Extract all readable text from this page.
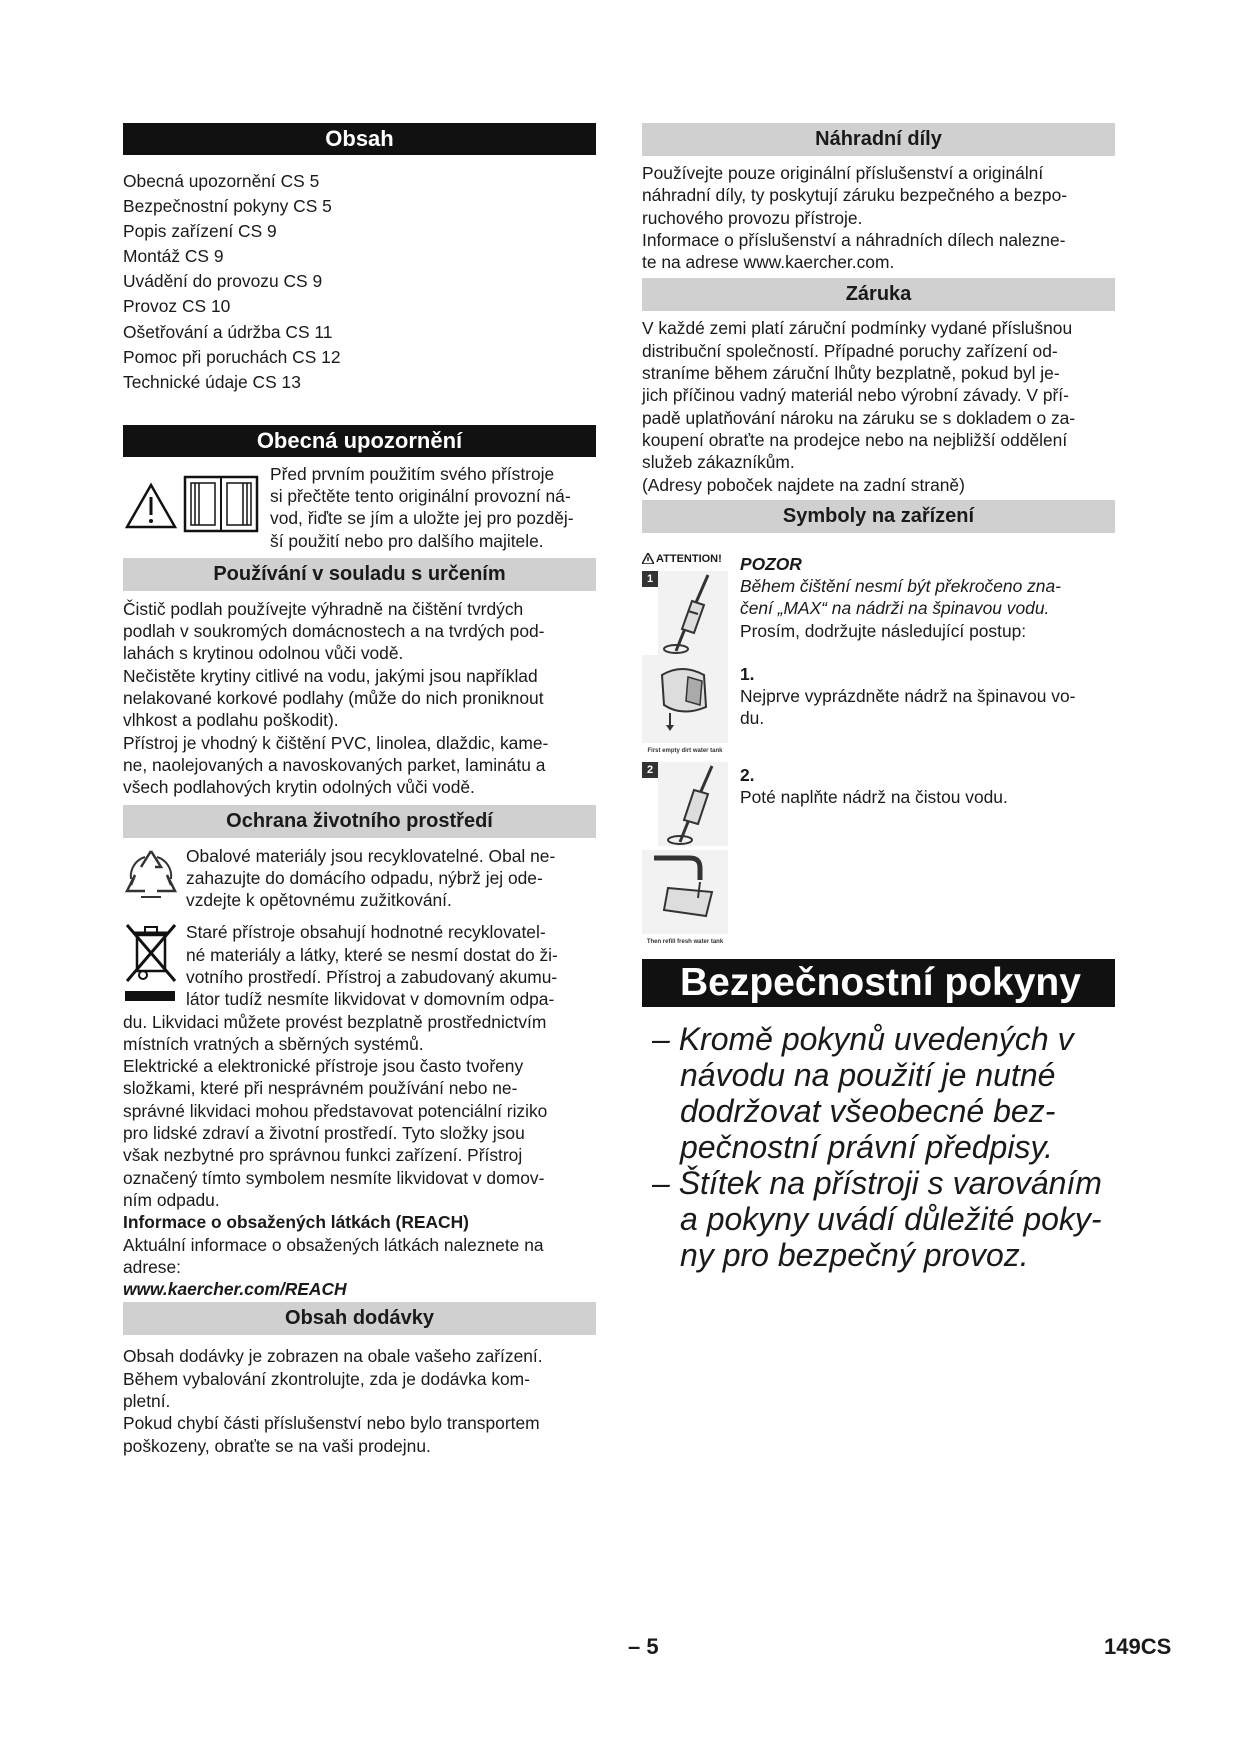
Obsah
Obecná upozornění CS 5
Bezpečnostní pokyny CS 5
Popis zařízení CS 9
Montáž CS 9
Uvádění do provozu CS 9
Provoz CS 10
Ošetřování a údržba CS 11
Pomoc při poruchách CS 12
Technické údaje CS 13
Obecná upozornění

Před prvním použitím svého přístroje

si přečtěte tento originální provozní ná-

vod, řiďte se jím a uložte jej pro pozděj-

ší použití nebo pro dalšího majitele.

Používání v souladu s určením

Čistič podlah používejte výhradně na čištění tvrdých

podlah v soukromých domácnostech a na tvrdých pod-

lahách s krytinou odolnou vůči vodě.

Nečistěte krytiny citlivé na vodu, jakými jsou například

nelakované korkové podlahy (může do nich proniknout

vlhkost a podlahu poškodit).

Přístroj je vhodný k čištění PVC, linolea, dlaždic, kame-

ne, naolejovaných a navoskovaných parket, laminátu a

všech podlahových krytin odolných vůči vodě.

Ochrana životního prostředí

Obalové materiály jsou recyklovatelné. Obal ne-

zahazujte do domácího odpadu, nýbrž jej ode-

vzdejte k opětovnému zužitkování.

Staré přístroje obsahují hodnotné recyklovatel-

né materiály a látky, které se nesmí dostat do ži-

votního prostředí. Přístroj a zabudovaný akumu-

látor tudíž nesmíte likvidovat v domovním odpa-

du. Likvidaci můžete provést bezplatně prostřednictvím

místních vratných a sběrných systémů.

Elektrické a elektronické přístroje jsou často tvořeny

složkami, které při nesprávném používání nebo ne-

správné likvidaci mohou představovat potenciální riziko

pro lidské zdraví a životní prostředí. Tyto složky jsou

však nezbytné pro správnou funkci zařízení. Přístroj

označený tímto symbolem nesmíte likvidovat v domov-

ním odpadu.

Informace o obsažených látkách (REACH)

Aktuální informace o obsažených látkách naleznete na

adrese:

www.kaercher.com/REACH

Obsah dodávky

Obsah dodávky je zobrazen na obale vašeho zařízení.

Během vybalování zkontrolujte, zda je dodávka kom-

pletní.

Pokud chybí části příslušenství nebo bylo transportem

poškozeny, obraťte se na vaši prodejnu.

Náhradní díly

Používejte pouze originální příslušenství a originální

náhradní díly, ty poskytují záruku bezpečného a bezpo-

ruchového provozu přístroje.

Informace o příslušenství a náhradních dílech nalezne-

te na adrese www.kaercher.com.

Záruka

V každé zemi platí záruční podmínky vydané příslušnou

distribuční společností. Případné poruchy zařízení od-

straníme během záruční lhůty bezplatně, pokud byl je-

jich příčinou vadný materiál nebo výrobní závady. V pří-

padě uplatňování nároku na záruku se s dokladem o za-

koupení obraťte na prodejce nebo na nejbližší oddělení

služeb zákazníkům.

(Adresy poboček najdete na zadní straně)

Symboly na zařízení
ATTENTION!
1

POZOR

Během čištění nesmí být překročeno zna-

čení „MAX“ na nádrži na špinavou vodu.

Prosím, dodržujte následující postup:

First empty dirt water tank

1.

Nejprve vyprázdněte nádrž na špinavou vo-

du.

2
Then refill fresh water tank

2.

Poté naplňte nádrž na čistou vodu.

Bezpečnostní pokyny
– Kromě pokynů uvedených v návodu na použití je nutné dodržovat všeobecné bezpečnostní právní předpisy.
– Štítek na přístroji s varováním a pokyny uvádí důležité pokyny pro bezpečný provoz.
– 5	149CS
